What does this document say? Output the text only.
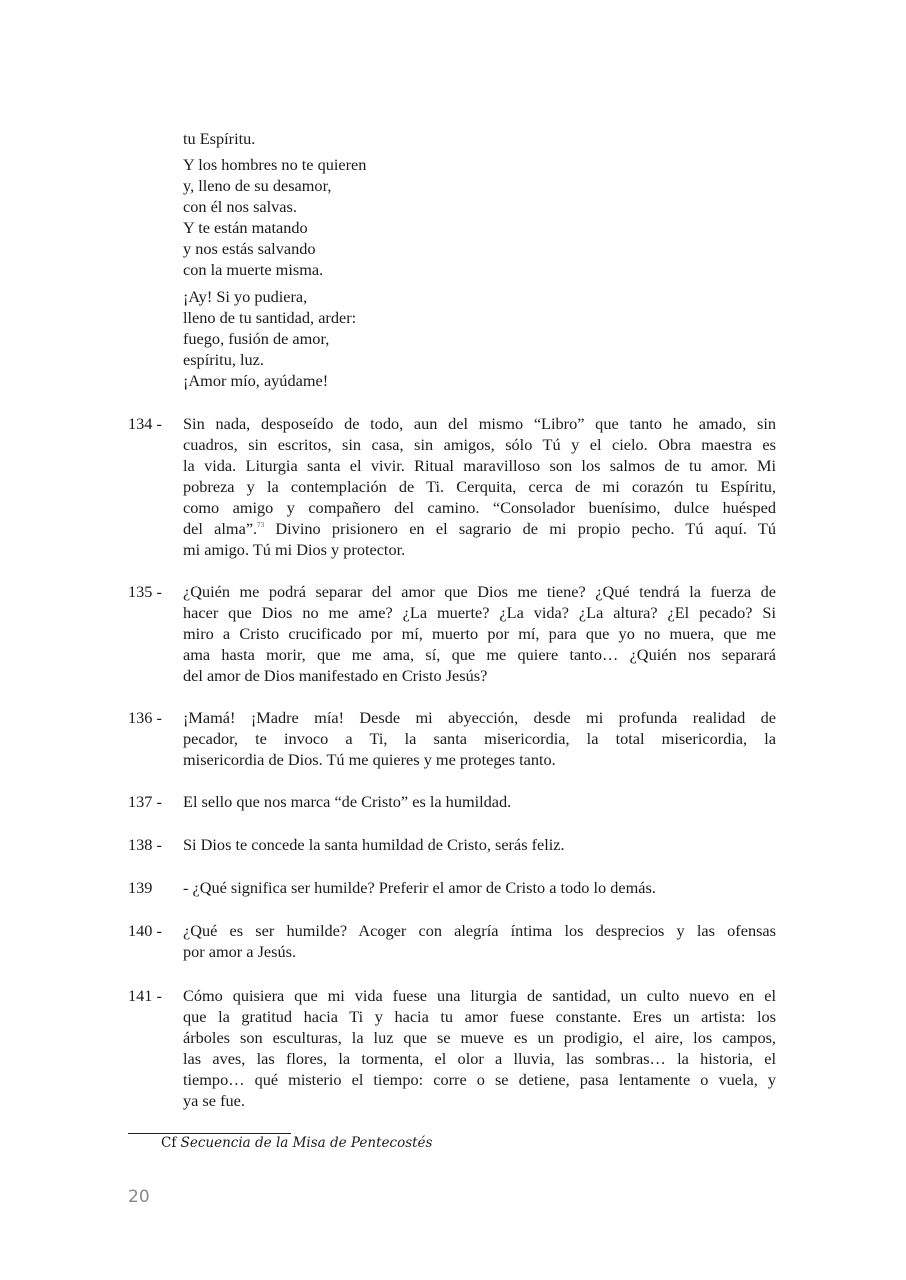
tu Espíritu.
Y los hombres no te quieren
y, lleno de su desamor,
con él nos salvas.
Y te están matando
y nos estás salvando
con la muerte misma.
¡Ay! Si yo pudiera,
lleno de tu santidad, arder:
fuego, fusión de amor,
espíritu, luz.
¡Amor mío, ayúdame!
134 - Sin nada, desposeído de todo, aun del mismo “Libro” que tanto he amado, sin
cuadros, sin escritos, sin casa, sin amigos, sólo Tú y el cielo. Obra maestra es
la vida. Liturgia santa el vivir. Ritual maravilloso son los salmos de tu amor. Mi
pobreza y la contemplación de Ti. Cerquita, cerca de mi corazón tu Espíritu,
como amigo y compañero del camino. “Consolador buenísimo, dulce huésped
del alma”.$^{73}$ Divino prisionero en el sagrario de mi propio pecho. Tú aquí. Tú
mi amigo. Tú mi Dios y protector.
135 - ¿Quién me podrá separar del amor que Dios me tiene? ¿Qué tendrá la fuerza de
hacer que Dios no me ame? ¿La muerte? ¿La vida? ¿La altura? ¿El pecado? Si
miro a Cristo crucificado por mí, muerto por mí, para que yo no muera, que me
ama hasta morir, que me ama, sí, que me quiere tanto… ¿Quién nos separará
del amor de Dios manifestado en Cristo Jesús?
136 - ¡Mamá! ¡Madre mía! Desde mi abyección, desde mi profunda realidad de
pecador, te invoco a Ti, la santa misericordia, la total misericordia, la
misericordia de Dios. Tú me quieres y me proteges tanto.
137 - El sello que nos marca “de Cristo” es la humildad.
138 - Si Dios te concede la santa humildad de Cristo, serás feliz.
139 - ¿Qué significa ser humilde? Preferir el amor de Cristo a todo lo demás.
140 - ¿Qué es ser humilde? Acoger con alegría íntima los desprecios y las ofensas
por amor a Jesús.
141 - Cómo quisiera que mi vida fuese una liturgia de santidad, un culto nuevo en el
que la gratitud hacia Ti y hacia tu amor fuese constante. Eres un artista: los
árboles son esculturas, la luz que se mueve es un prodigio, el aire, los campos,
las aves, las flores, la tormenta, el olor a lluvia, las sombras… la historia, el
tiempo… qué misterio el tiempo: corre o se detiene, pasa lentamente o vuela, y
ya se fue.
Cf Secuencia de la Misa de Pentecostés
20
